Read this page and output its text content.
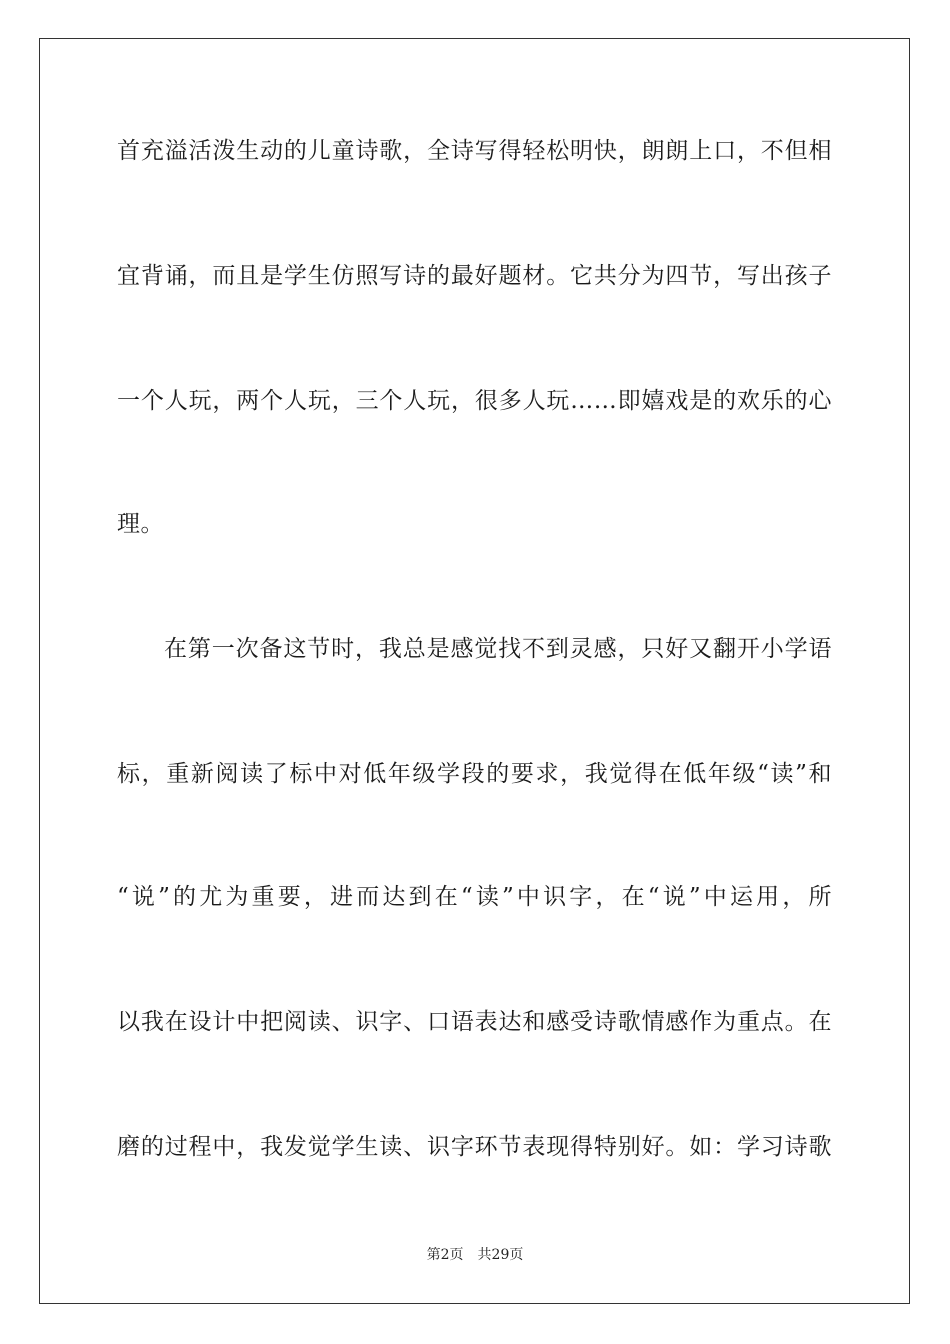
首充溢活泼生动的儿童诗歌，全诗写得轻松明快，朗朗上口，不但相
宜背诵，而且是学生仿照写诗的最好题材。它共分为四节，写出孩子
一个人玩，两个人玩，三个人玩，很多人玩……即嬉戏是的欢乐的心
理。
在第一次备这节时，我总是感觉找不到灵感，只好又翻开小学语
标，重新阅读了标中对低年级学段的要求，我觉得在低年级“读”和
“说”的尤为重要，进而达到在“读”中识字，在“说”中运用，所
以我在设计中把阅读、识字、口语表达和感受诗歌情感作为重点。在
磨的过程中，我发觉学生读、识字环节表现得特别好。如：学习诗歌
第2页 共29页
